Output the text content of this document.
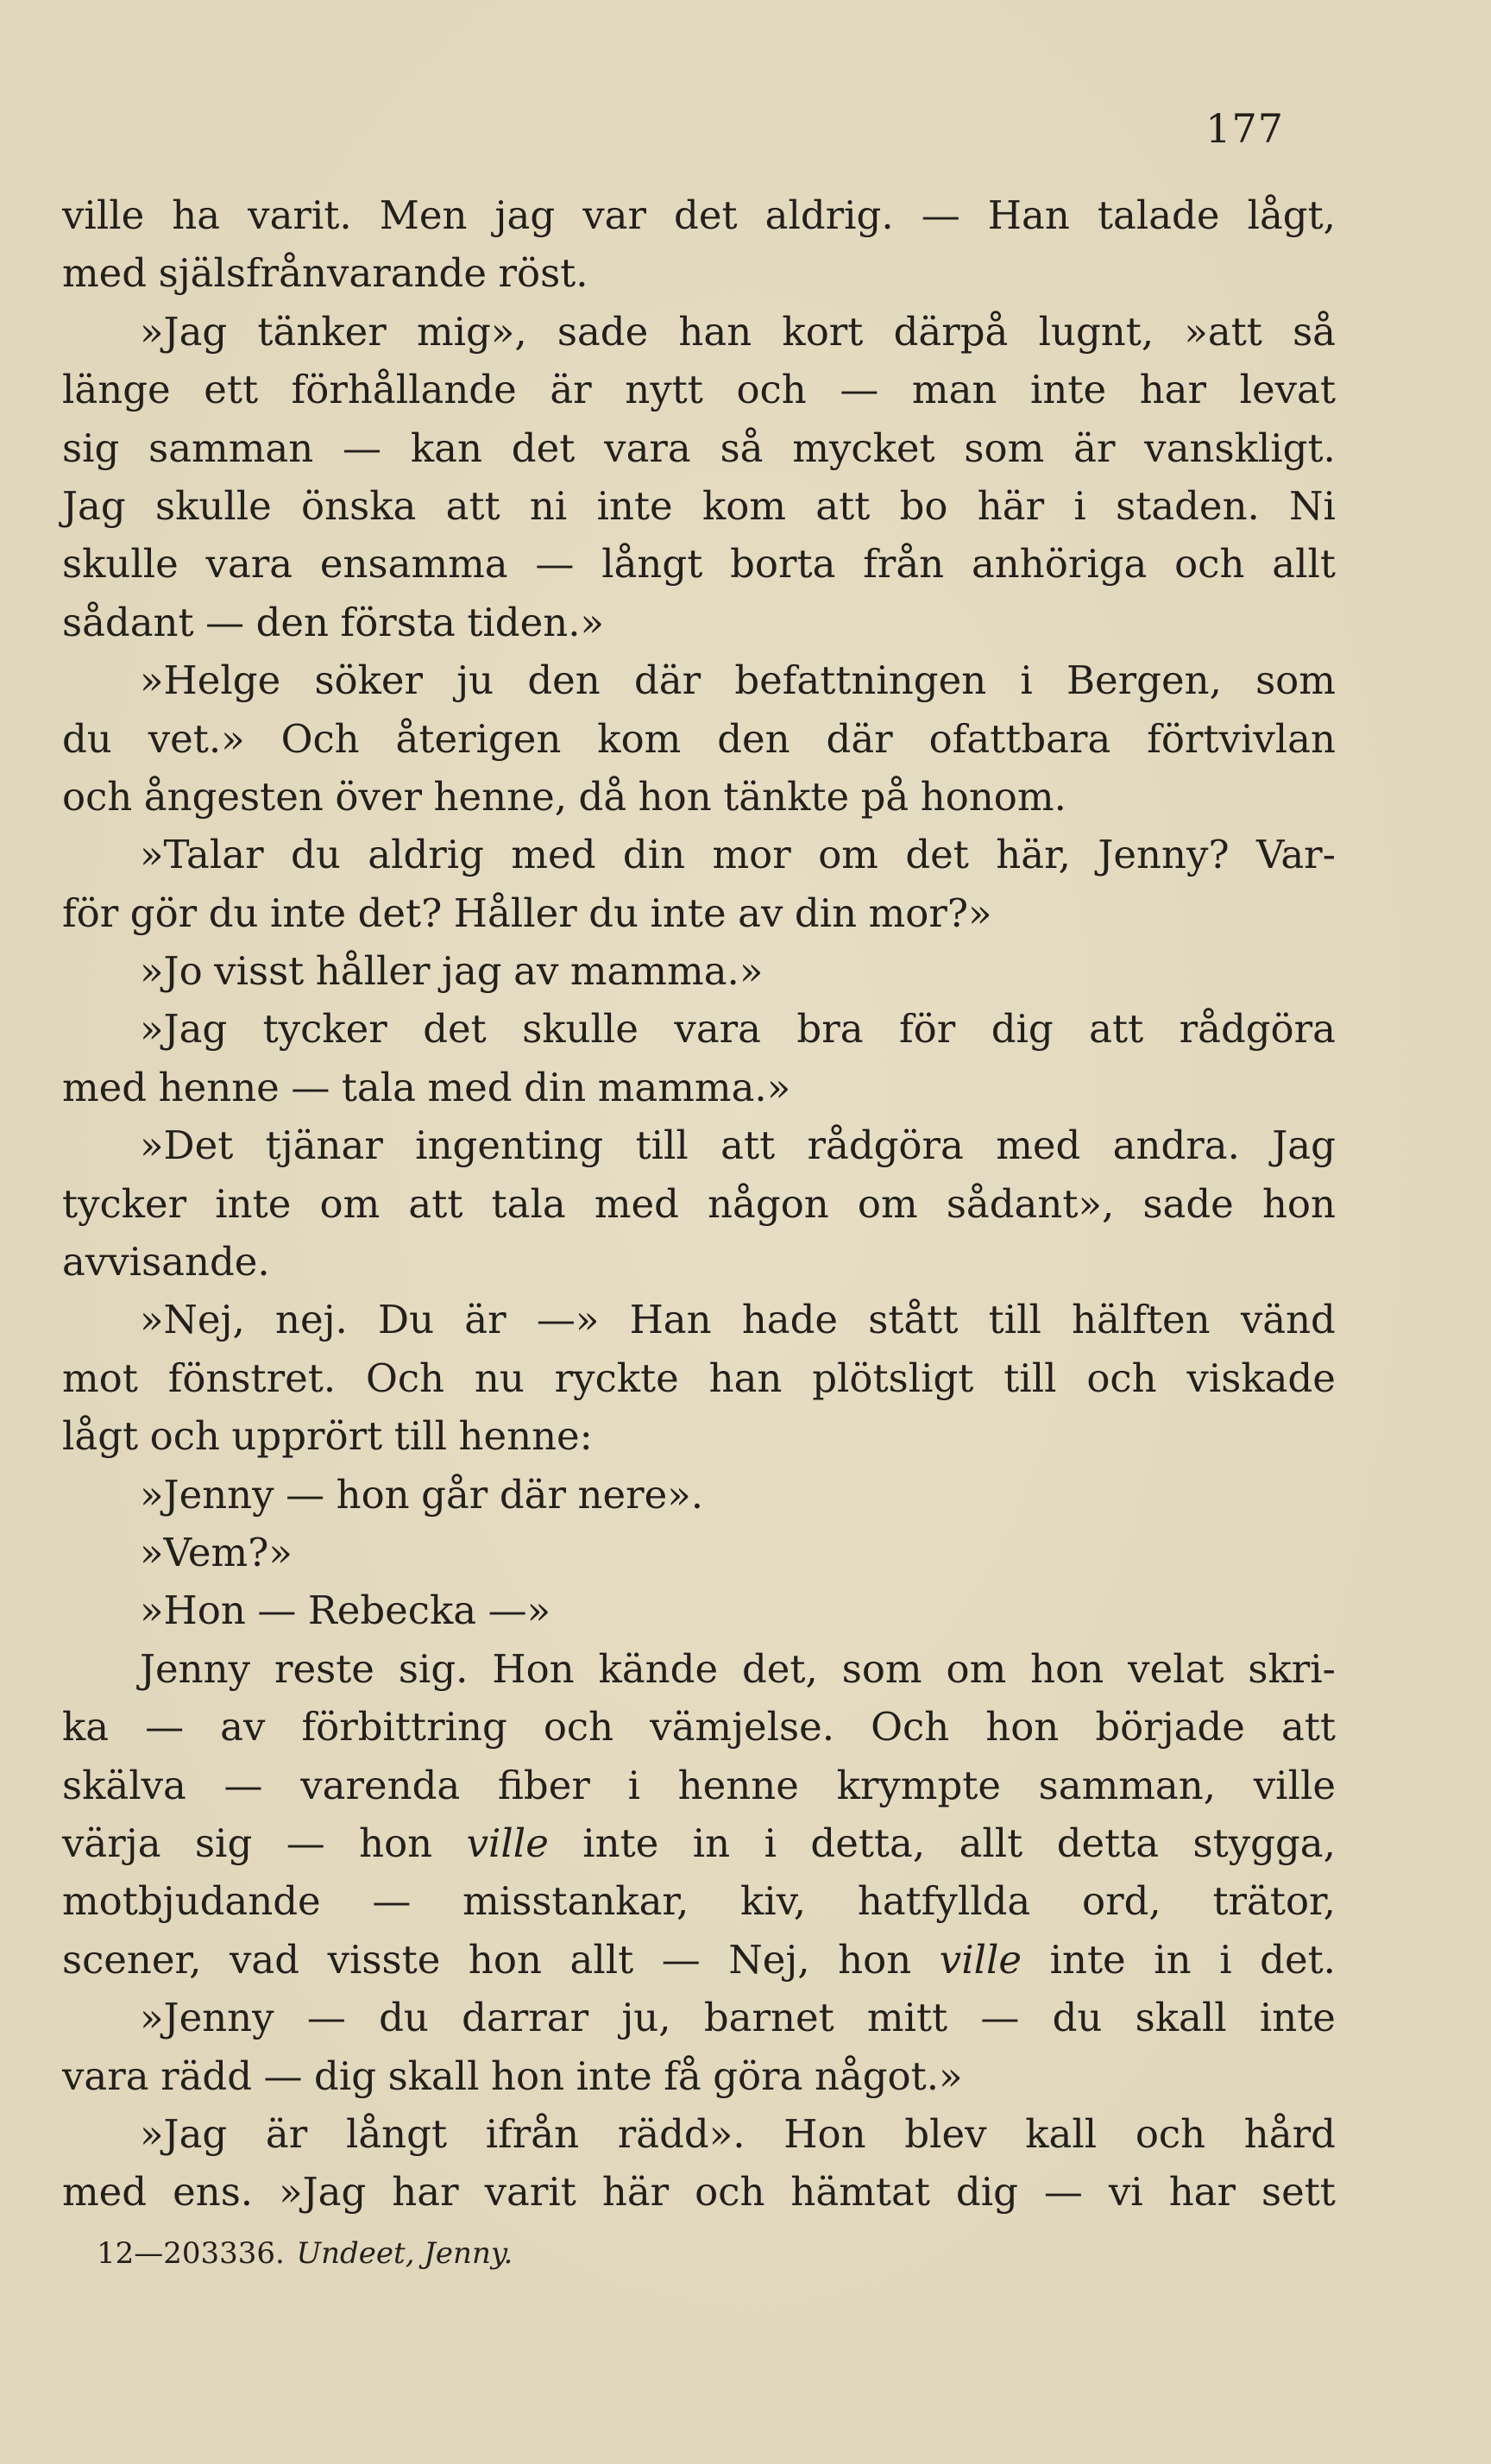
177
ville ha varit. Men jag var det aldrig. — Han talade lågt,
med själsfrånvarande röst.
»Jag tänker mig», sade han kort därpå lugnt, »att så
länge ett förhållande är nytt och — man inte har levat
sig samman — kan det vara så mycket som är vanskligt.
Jag skulle önska att ni inte kom att bo här i staden. Ni
skulle vara ensamma — långt borta från anhöriga och allt
sådant — den första tiden.»
»Helge söker ju den där befattningen i Bergen, som
du vet.» Och återigen kom den där ofattbara förtvivlan
och ångesten över henne, då hon tänkte på honom.
»Talar du aldrig med din mor om det här, Jenny? Var-
för gör du inte det? Håller du inte av din mor?»
»Jo visst håller jag av mamma.»
»Jag tycker det skulle vara bra för dig att rådgöra
med henne — tala med din mamma.»
»Det tjänar ingenting till att rådgöra med andra. Jag
tycker inte om att tala med någon om sådant», sade hon
avvisande.
»Nej, nej. Du är —» Han hade stått till hälften vänd
mot fönstret. Och nu ryckte han plötsligt till och viskade
lågt och upprört till henne:
»Jenny — hon går där nere».
»Vem?»
»Hon — Rebecka —»
Jenny reste sig. Hon kände det, som om hon velat skri-
ka — av förbittring och vämjelse. Och hon började att
skälva — varenda fiber i henne krympte samman, ville
värja sig — hon ville inte in i detta, allt detta stygga,
motbjudande — misstankar, kiv, hatfyllda ord, trätor,
scener, vad visste hon allt — Nej, hon ville inte in i det.
»Jenny — du darrar ju, barnet mitt — du skall inte
vara rädd — dig skall hon inte få göra något.»
»Jag är långt ifrån rädd». Hon blev kall och hård
med ens. »Jag har varit här och hämtat dig — vi har sett
12—203336. Undeet, Jenny.
